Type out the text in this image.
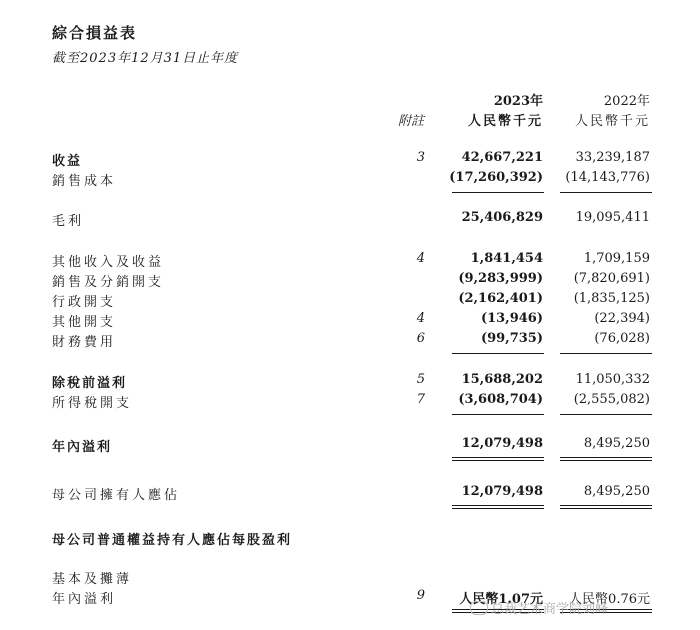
綜合損益表
截至2023年12月31日止年度
2023年	2022年
附註	人民幣千元 人民幣千元
收益	3	42,667,221	33,239,187
銷售成本	(17,260,392) (14,143,776)
毛利	25,406,829	19,095,411
其他收入及收益	4	1,841,454	1,709,159
銷售及分銷開支	(9,283,999) (7,820,691)
行政開支	(2,162,401) (1,835,125)
其他開支	4	(13,946)	(22,394)
財務費用	6	(99,735)	(76,028)
除稅前溢利	5	15,688,202	11,050,332
所得稅開支	7	(3,608,704) (2,555,082)
年內溢利	12,079,498	8,495,250
母公司擁有人應佔	12,079,498	8,495,250
母公司普通權益持有人應佔每股盈利
基本及攤薄
年內溢利	9	人民幣1.07元 人民幣0.76元
总裁艺术商学院刘峰
